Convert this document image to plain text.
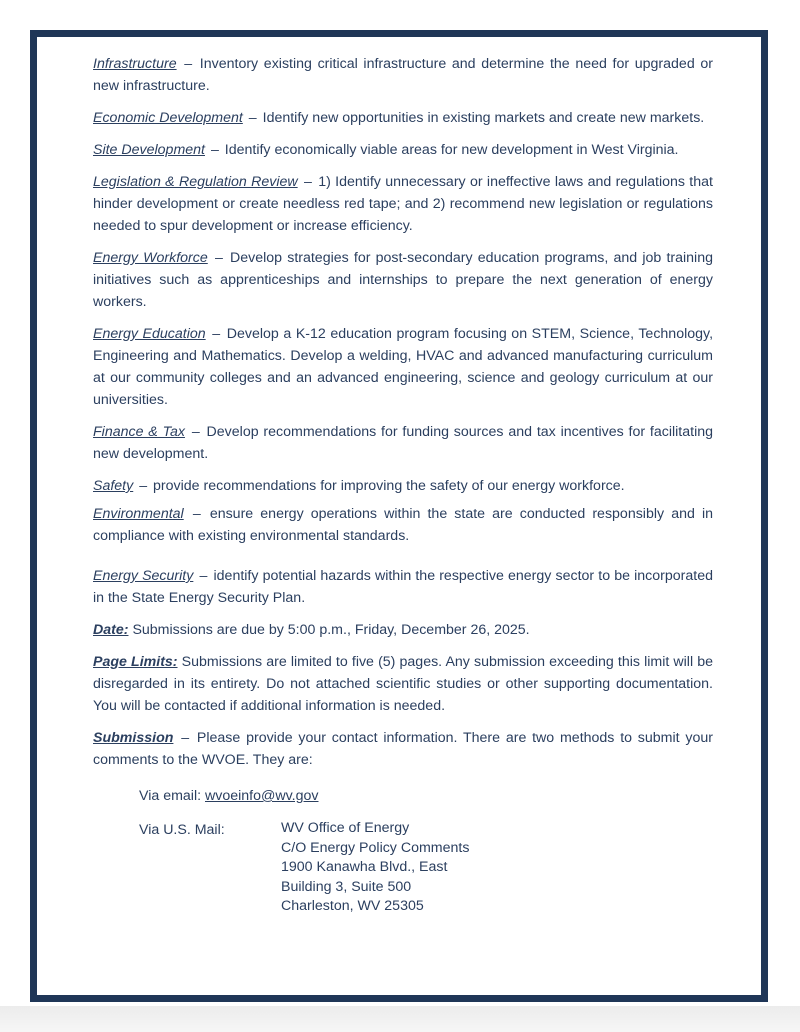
Infrastructure – Inventory existing critical infrastructure and determine the need for upgraded or new infrastructure.

Economic Development – Identify new opportunities in existing markets and create new markets.

Site Development – Identify economically viable areas for new development in West Virginia.

Legislation & Regulation Review – 1) Identify unnecessary or ineffective laws and regulations that hinder development or create needless red tape; and 2) recommend new legislation or regulations needed to spur development or increase efficiency.

Energy Workforce – Develop strategies for post-secondary education programs, and job training initiatives such as apprenticeships and internships to prepare the next generation of energy workers.

Energy Education – Develop a K-12 education program focusing on STEM, Science, Technology, Engineering and Mathematics. Develop a welding, HVAC and advanced manufacturing curriculum at our community colleges and an advanced engineering, science and geology curriculum at our universities.

Finance & Tax – Develop recommendations for funding sources and tax incentives for facilitating new development.

Safety – provide recommendations for improving the safety of our energy workforce.

Environmental – ensure energy operations within the state are conducted responsibly and in compliance with existing environmental standards.

Energy Security – identify potential hazards within the respective energy sector to be incorporated in the State Energy Security Plan.

Date: Submissions are due by 5:00 p.m., Friday, December 26, 2025.

Page Limits: Submissions are limited to five (5) pages. Any submission exceeding this limit will be disregarded in its entirety. Do not attached scientific studies or other supporting documentation. You will be contacted if additional information is needed.

Submission – Please provide your contact information. There are two methods to submit your comments to the WVOE. They are:

Via email:
wvoeinfo@wv.gov
Via U.S. Mail:	WV Office of Energy
C/O Energy Policy Comments
1900 Kanawha Blvd., East
Building 3, Suite 500
Charleston, WV 25305
